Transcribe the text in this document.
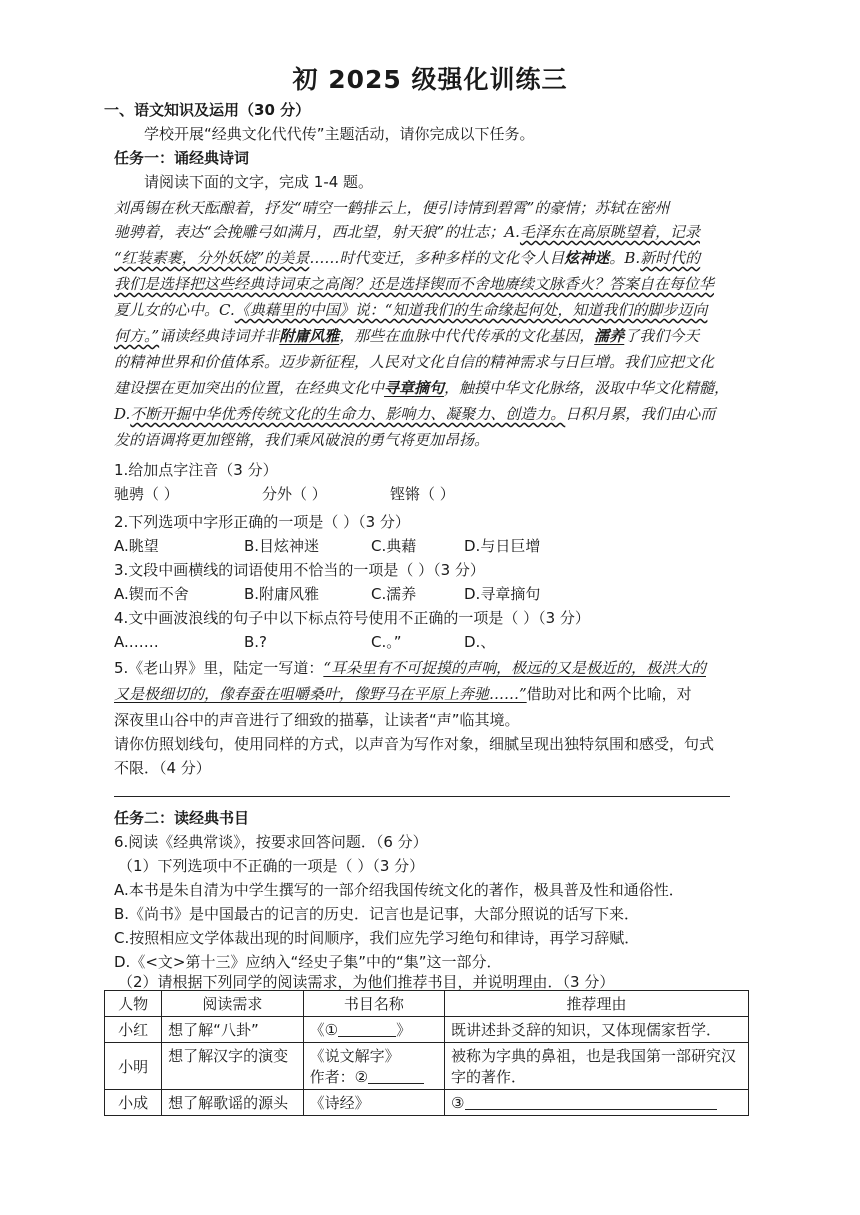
初 2025 级强化训练三
一、语文知识及运用（30 分）
学校开展“经典文化代代传”主题活动，请你完成以下任务。
任务一：诵经典诗词
请阅读下面的文字，完成 1-4 题。
刘禹锡在秋天酝酿着，抒发“晴空一鹤排云上，便引诗情到碧霄”的豪情；苏轼在密州
驰骋着，表达“会挽雕弓如满月，西北望，射天狼”的壮志；A.毛泽东在高原眺望着，记录
“红装素裹，分外妖娆”的美景……时代变迁，多种多样的文化令人目炫神迷。B.新时代的
我们是选择把这些经典诗词束之高阁？还是选择锲而不舍地赓续文脉香火？答案自在每位华
夏儿女的心中。C.《典藉里的中国》说：“知道我们的生命缘起何处，知道我们的脚步迈向
何方。”诵读经典诗词并非附庸风雅，那些在血脉中代代传承的文化基因，濡养了我们今天
的精神世界和价值体系。迈步新征程，人民对文化自信的精神需求与日巨增。我们应把文化
建设摆在更加突出的位置，在经典文化中寻章摘句，触摸中华文化脉络，汲取中华文化精髓，
D.不断开掘中华优秀传统文化的生命力、影响力、凝聚力、创造力。日积月累，我们由心而
发的语调将更加铿锵，我们乘风破浪的勇气将更加昂扬。
1.给加点字注音（3 分）
驰骋（ ）	分外（ ）	铿锵（ ）
2.下列选项中字形正确的一项是（ ）（3 分）
A.眺望	B.目炫神迷	C.典藉	D.与日巨增
3.文段中画横线的词语使用不恰当的一项是（ ）（3 分）
A.锲而不舍	B.附庸风雅	C.濡养	D.寻章摘句
4.文中画波浪线的句子中以下标点符号使用不正确的一项是（ ）（3 分）
A.……	B.?	C.。”	D.、
5.《老山界》里，陆定一写道：“耳朵里有不可捉摸的声响，极远的又是极近的，极洪大的
又是极细切的，像春蚕在咀嚼桑叶，像野马在平原上奔驰……”借助对比和两个比喻，对
深夜里山谷中的声音进行了细致的描摹，让读者“声”临其境。
请你仿照划线句，使用同样的方式，以声音为写作对象，细腻呈现出独特氛围和感受，句式
不限．（4 分）
任务二：读经典书目
6.阅读《经典常谈》，按要求回答问题．（6 分）
（1）下列选项中不正确的一项是（ ）（3 分）
A.本书是朱自清为中学生撰写的一部介绍我国传统文化的著作，极具普及性和通俗性．
B.《尚书》是中国最古的记言的历史．记言也是记事，大部分照说的话写下来．
C.按照相应文学体裁出现的时间顺序，我们应先学习绝句和律诗，再学习辞赋．
D.《<文>第十三》应纳入“经史子集”中的“集”这一部分．
（2）请根据下列同学的阅读需求，为他们推荐书目，并说明理由．（3 分）
人物	阅读需求	书目名称	推荐理由
小红	想了解“八卦”	《① 》	既讲述卦爻辞的知识，又体现儒家哲学．
小明	想了解汉字的演变	《说文解字》
作者：②	被称为字典的鼻祖，也是我国第一部研究汉字的著作．
小成	想了解歌谣的源头	《诗经》	③
